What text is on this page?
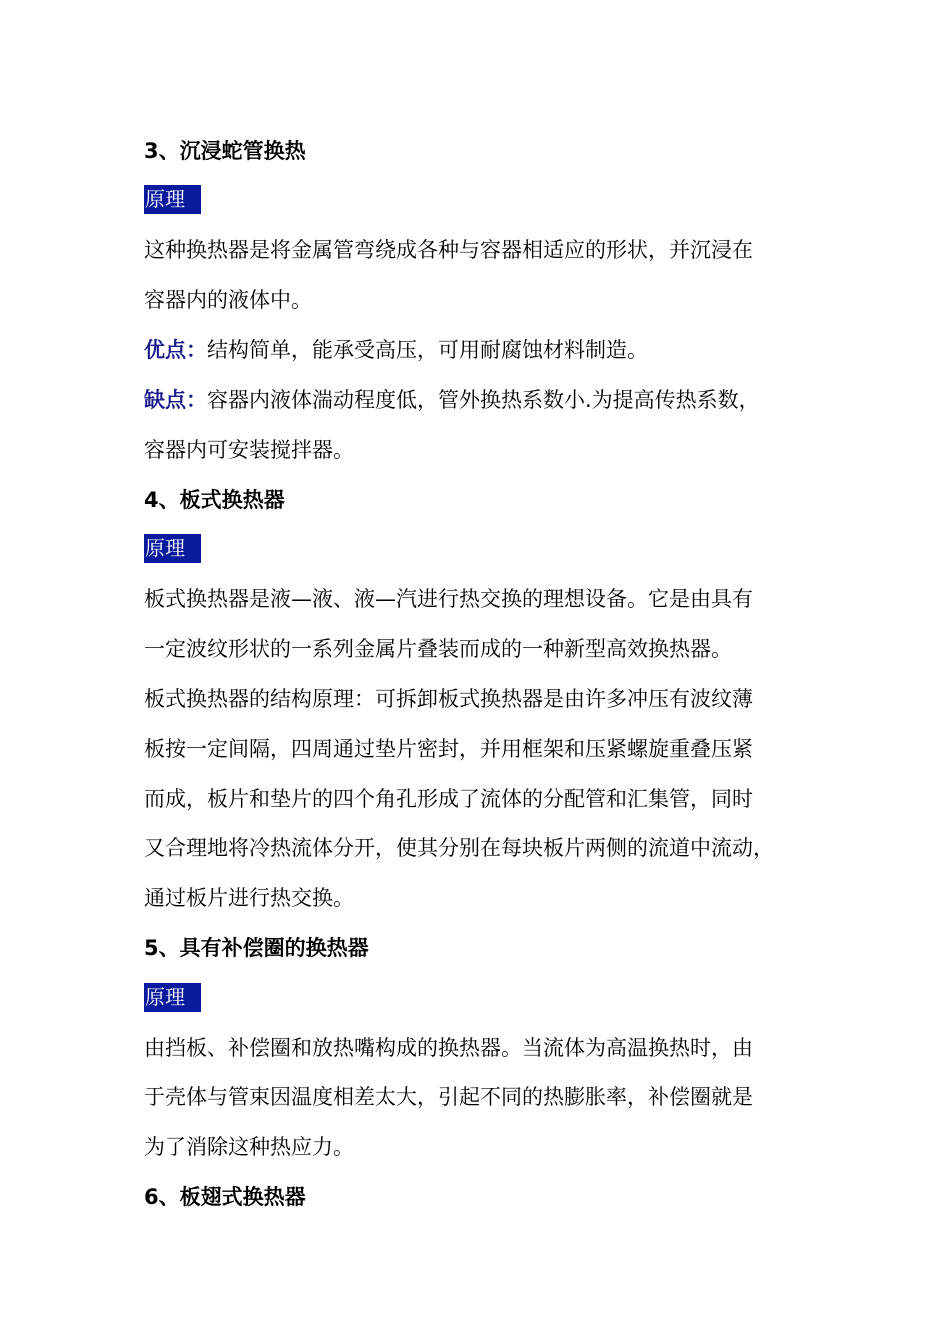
3、沉浸蛇管换热
原理
这种换热器是将金属管弯绕成各种与容器相适应的形状，并沉浸在
容器内的液体中。
优点：结构简单，能承受高压，可用耐腐蚀材料制造。
缺点：容器内液体湍动程度低，管外换热系数小.为提高传热系数，
容器内可安装搅拌器。
4、板式换热器
原理
板式换热器是液—液、液—汽进行热交换的理想设备。它是由具有
一定波纹形状的一系列金属片叠装而成的一种新型高效换热器。
板式换热器的结构原理：可拆卸板式换热器是由许多冲压有波纹薄
板按一定间隔，四周通过垫片密封，并用框架和压紧螺旋重叠压紧
而成，板片和垫片的四个角孔形成了流体的分配管和汇集管，同时
又合理地将冷热流体分开，使其分别在每块板片两侧的流道中流动，
通过板片进行热交换。
5、具有补偿圈的换热器
原理
由挡板、补偿圈和放热嘴构成的换热器。当流体为高温换热时，由
于壳体与管束因温度相差太大，引起不同的热膨胀率，补偿圈就是
为了消除这种热应力。
6、板翅式换热器
